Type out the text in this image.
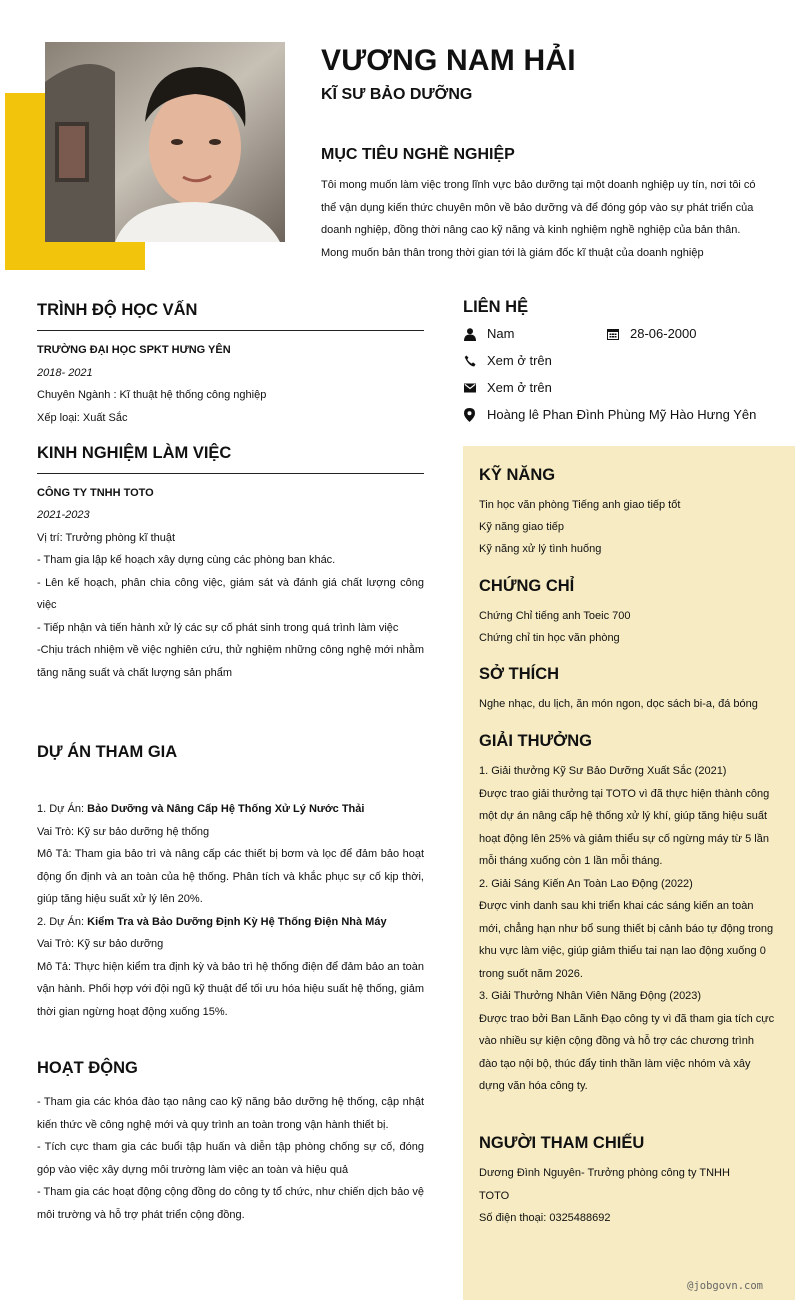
VƯƠNG NAM HẢI
KĨ SƯ BẢO DƯỠNG
MỤC TIÊU NGHỀ NGHIỆP
Tôi mong muốn làm việc trong lĩnh vực bảo dưỡng tại một doanh nghiệp uy tín, nơi tôi có thể vận dụng kiến thức chuyên môn về bảo dưỡng và để đóng góp vào sự phát triển của doanh nghiệp, đồng thời nâng cao kỹ năng và kinh nghiệm nghề nghiệp của bản thân. Mong muốn bản thân trong thời gian tới là giám đốc kĩ thuật của doanh nghiệp
TRÌNH ĐỘ HỌC VẤN
TRƯỜNG ĐẠI HỌC SPKT HƯNG YÊN
2018- 2021
Chuyên Ngành : Kĩ thuật hệ thống công nghiệp
Xếp loại: Xuất Sắc
KINH NGHIỆM LÀM VIỆC
CÔNG TY TNHH TOTO
2021-2023
Vị trí: Trưởng phòng kĩ thuật
- Tham gia lập kế hoạch xây dựng cùng các phòng ban khác.
- Lên kế hoạch, phân chia công việc, giám sát và đánh giá chất lượng công việc
- Tiếp nhận và tiến hành xử lý các sự cố phát sinh trong quá trình làm việc
-Chịu trách nhiệm về việc nghiên cứu, thử nghiệm những công nghệ mới nhằm tăng năng suất và chất lượng sản phẩm
DỰ ÁN THAM GIA
1. Dự Án: Bảo Dưỡng và Nâng Cấp Hệ Thống Xử Lý Nước Thải
Vai Trò: Kỹ sư bảo dưỡng hệ thống
Mô Tả: Tham gia bảo trì và nâng cấp các thiết bị bơm và lọc để đảm bảo hoạt động ổn định và an toàn của hệ thống. Phân tích và khắc phục sự cố kịp thời, giúp tăng hiệu suất xử lý lên 20%.
2. Dự Án: Kiểm Tra và Bảo Dưỡng Định Kỳ Hệ Thống Điện Nhà Máy
Vai Trò: Kỹ sư bảo dưỡng
Mô Tả: Thực hiện kiểm tra định kỳ và bảo trì hệ thống điện để đảm bảo an toàn vận hành. Phối hợp với đội ngũ kỹ thuật để tối ưu hóa hiệu suất hệ thống, giảm thời gian ngừng hoạt động xuống 15%.
HOẠT ĐỘNG
- Tham gia các khóa đào tạo nâng cao kỹ năng bảo dưỡng hệ thống, cập nhật kiến thức về công nghệ mới và quy trình an toàn trong vận hành thiết bị.
- Tích cực tham gia các buổi tập huấn và diễn tập phòng chống sự cố, đóng góp vào việc xây dựng môi trường làm việc an toàn và hiệu quả
- Tham gia các hoạt động cộng đồng do công ty tổ chức, như chiến dịch bảo vệ môi trường và hỗ trợ phát triển cộng đồng.
LIÊN HỆ
Nam	28-06-2000
Xem ở trên
Xem ở trên
Hoàng lê Phan Đình Phùng Mỹ Hào Hưng Yên
KỸ NĂNG
Tin học văn phòng Tiếng anh giao tiếp tốt
Kỹ năng giao tiếp
Kỹ năng xử lý tình huống
CHỨNG CHỈ
Chứng Chỉ tiếng anh Toeic 700
Chứng chỉ tin học văn phòng
SỞ THÍCH
Nghe nhạc, du lịch, ăn món ngon, dọc sách bi-a, đá bóng
GIẢI THƯỞNG
1. Giải thưởng Kỹ Sư Bảo Dưỡng Xuất Sắc (2021)
Được trao giải thưởng tại TOTO vì đã thực hiện thành công một dự án nâng cấp hệ thống xử lý khí, giúp tăng hiệu suất hoạt động lên 25% và giảm thiểu sự cố ngừng máy từ 5 lần mỗi tháng xuống còn 1 lần mỗi tháng.
2. Giải Sáng Kiến An Toàn Lao Động (2022)
Được vinh danh sau khi triển khai các sáng kiến an toàn mới, chẳng hạn như bổ sung thiết bị cảnh báo tự động trong khu vực làm việc, giúp giảm thiểu tai nạn lao động xuống 0 trong suốt năm 2026.
3. Giải Thưởng Nhân Viên Năng Động (2023)
Được trao bởi Ban Lãnh Đạo công ty vì đã tham gia tích cực vào nhiều sự kiện cộng đồng và hỗ trợ các chương trình đào tạo nội bộ, thúc đẩy tinh thần làm việc nhóm và xây dựng văn hóa công ty.
NGƯỜI THAM CHIẾU
Dương Đình Nguyên- Trưởng phòng công ty TNHH TOTO
Số điện thoại: 0325488692
@jobgovn.com
